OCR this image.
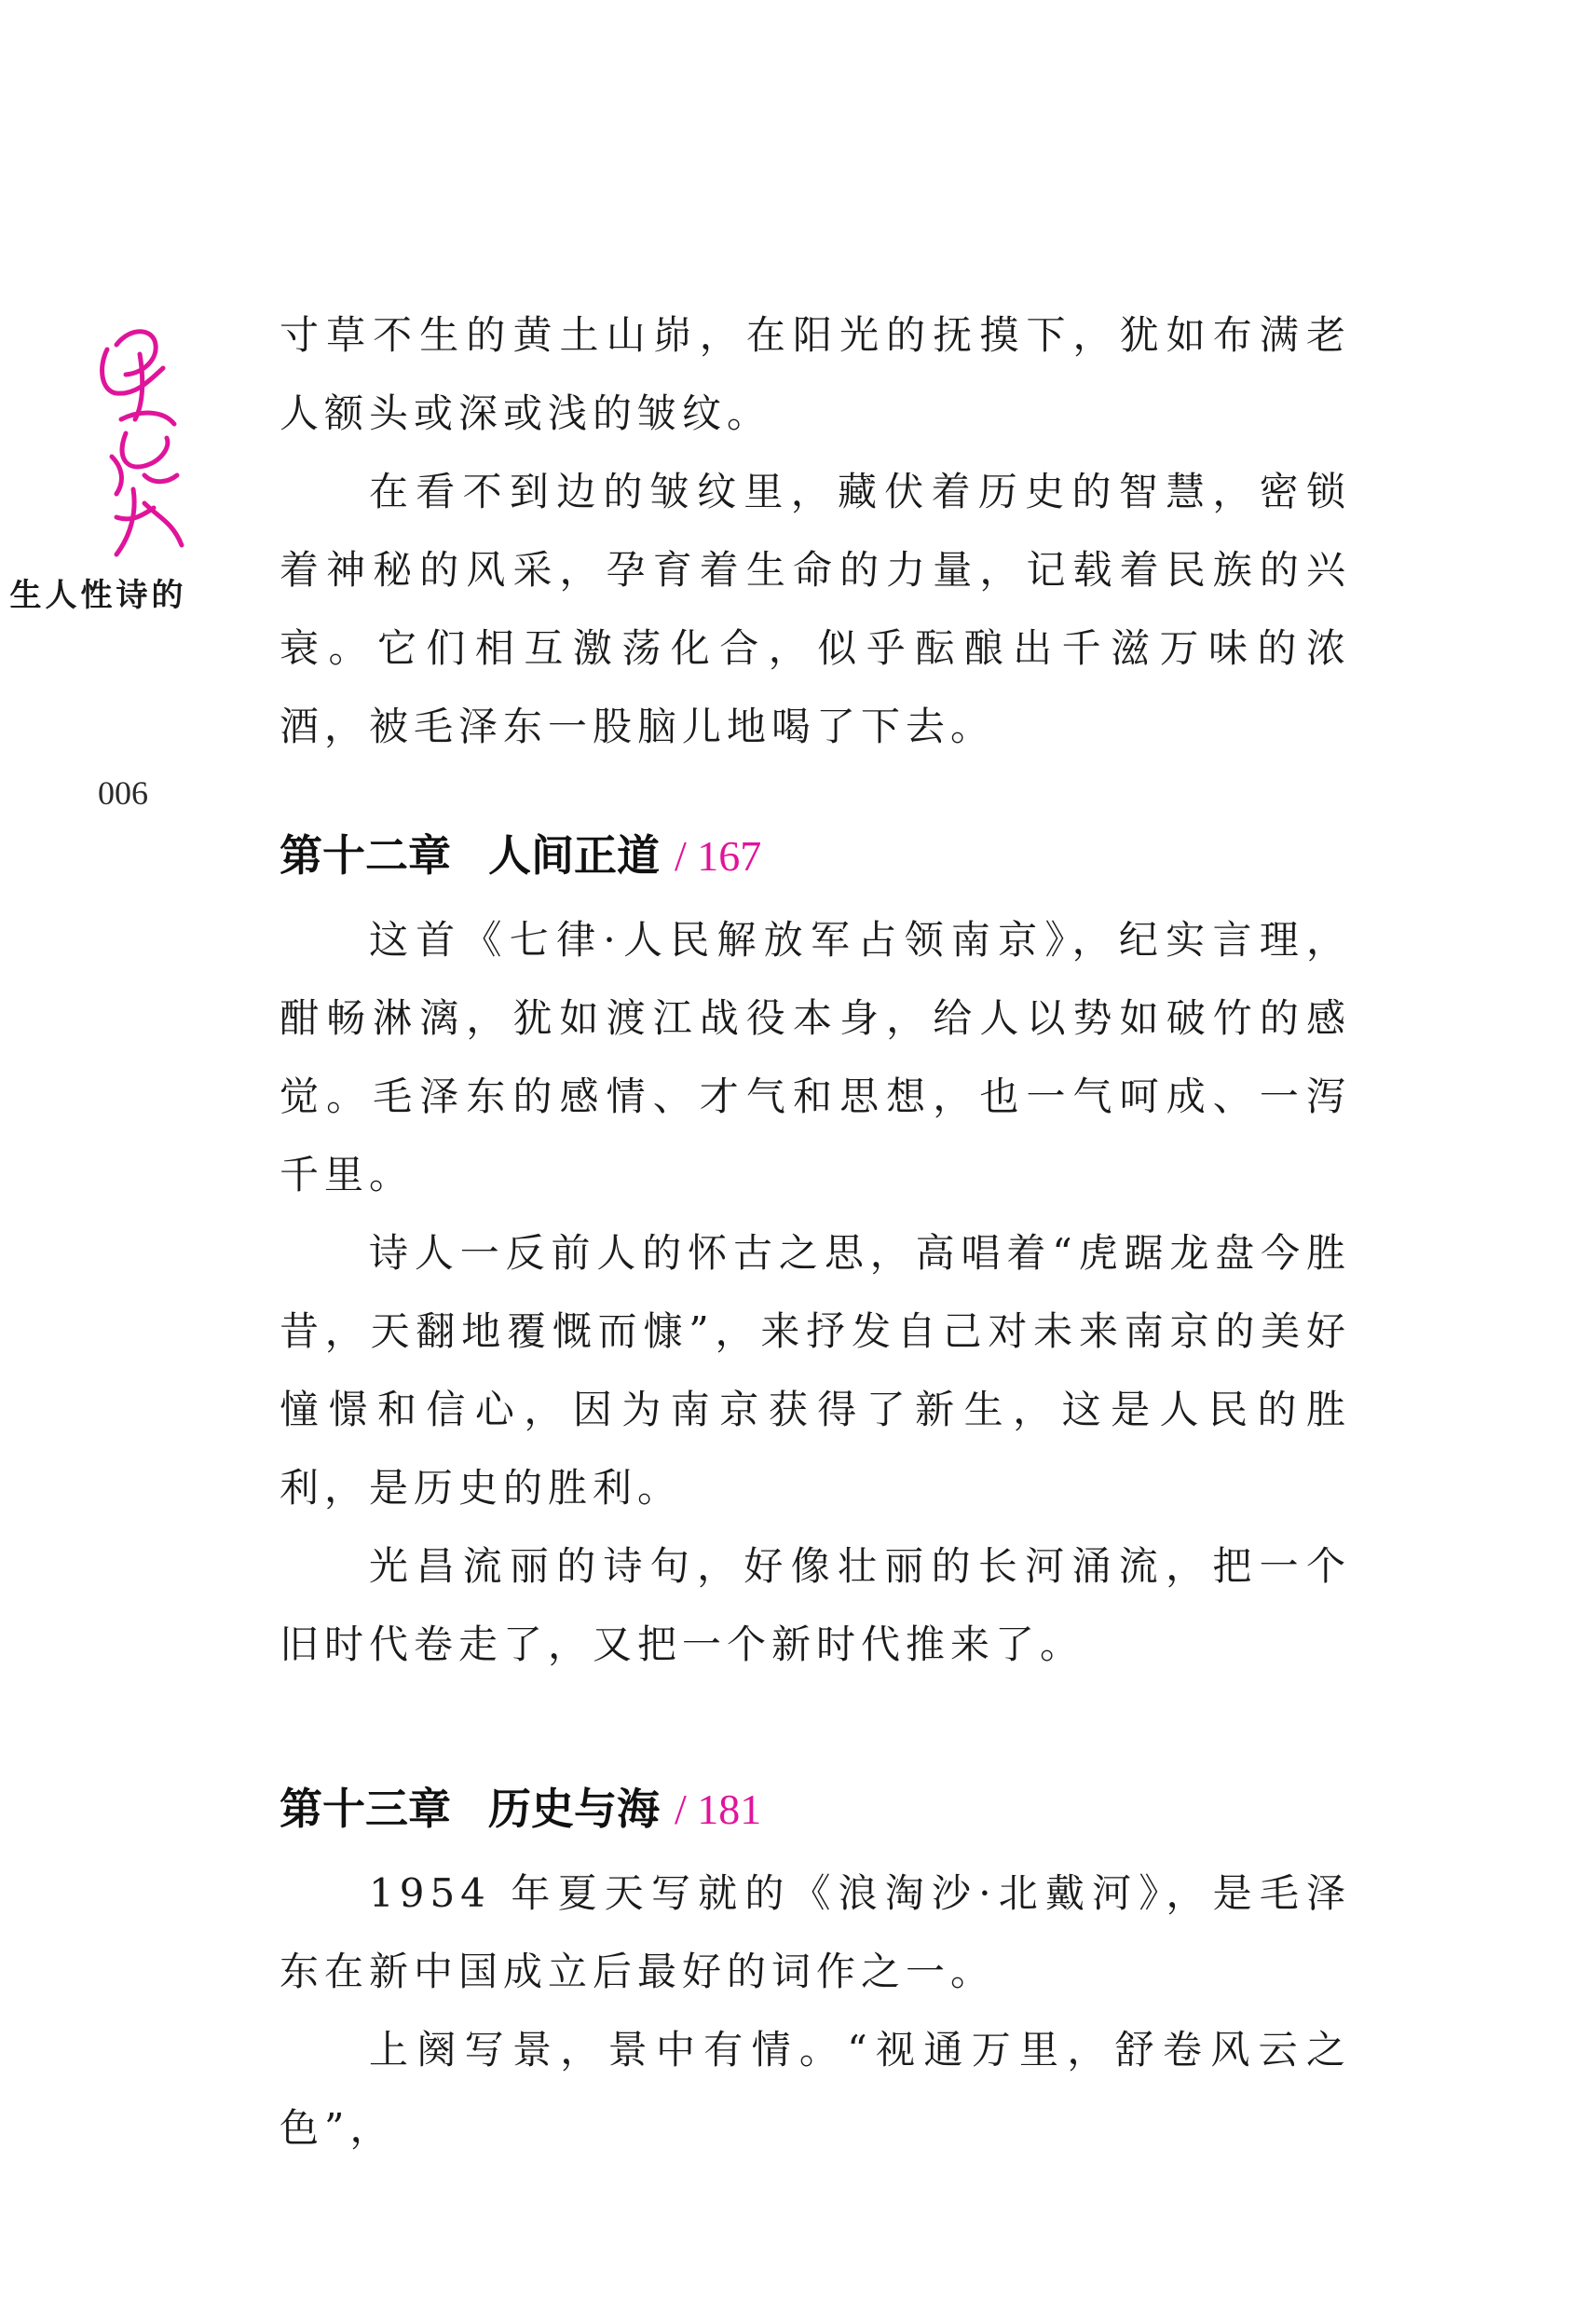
的诗性人生
006

寸草不生的黄土山峁，在阳光的抚摸下，犹如布满老人额头或深或浅的皱纹。

在看不到边的皱纹里，藏伏着历史的智慧，密锁着神秘的风采，孕育着生命的力量，记载着民族的兴衰。它们相互激荡化合，似乎酝酿出千滋万味的浓酒，被毛泽东一股脑儿地喝了下去。

第十二章 人间正道 / 167

这首《七律·人民解放军占领南京》，纪实言理，酣畅淋漓，犹如渡江战役本身，给人以势如破竹的感觉。毛泽东的感情、才气和思想，也一气呵成、一泻千里。

诗人一反前人的怀古之思，高唱着“虎踞龙盘今胜昔，天翻地覆慨而慷”，来抒发自己对未来南京的美好憧憬和信心，因为南京获得了新生，这是人民的胜利，是历史的胜利。

光昌流丽的诗句，好像壮丽的长河涌流，把一个旧时代卷走了，又把一个新时代推来了。

第十三章 历史与海 / 181

1954 年夏天写就的《浪淘沙·北戴河》，是毛泽东在新中国成立后最好的词作之一。

上阕写景，景中有情。“视通万里，舒卷风云之色”，
